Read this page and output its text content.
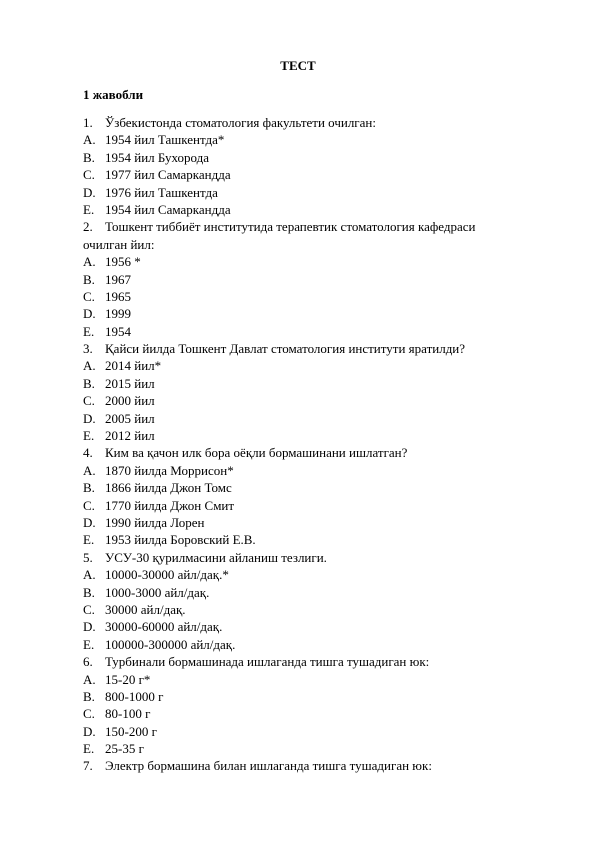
ТЕСТ
1 жавобли
1. Ўзбекистонда стоматология факультети очилган:
A. 1954 йил Ташкентда*
B. 1954 йил Бухорода
C. 1977 йил Самаркандда
D. 1976 йил Ташкентда
E. 1954 йил Самаркандда
2. Тошкент тиббиёт институтида терапевтик стоматология кафедраси
очилган йил:
A. 1956 *
B. 1967
C. 1965
D. 1999
E. 1954
3. Қайси йилда Тошкент Давлат стоматология институти яратилди?
A. 2014 йил*
B. 2015 йил
C. 2000 йил
D. 2005 йил
E. 2012 йил
4. Ким ва қачон илк бора оёқли бормашинани ишлатган?
A. 1870 йилда Моррисон*
B. 1866 йилда Джон Томс
C. 1770 йилда Джон Смит
D. 1990 йилда Лорен
E. 1953 йилда Боровский Е.В.
5. УСУ-30 қурилмасини айланиш тезлиги.
A. 10000-30000 айл/дақ.*
B. 1000-3000 айл/дақ.
C. 30000 айл/дақ.
D. 30000-60000 айл/дақ.
E. 100000-300000 айл/дақ.
6. Турбинали бормашинада ишлаганда тишга тушадиган юк:
A. 15-20 г*
B. 800-1000 г
C. 80-100 г
D. 150-200 г
E. 25-35 г
7. Электр бормашина билан ишлаганда тишга тушадиган юк:
